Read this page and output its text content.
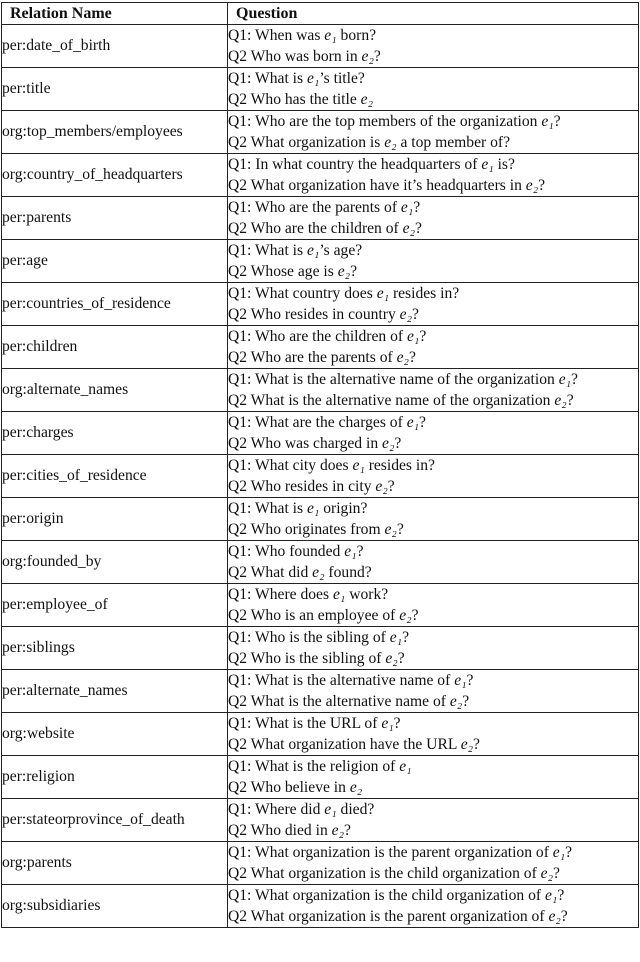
Relation Name	Question
per:date_of_birth	Q1: When was e₁ born?
Q2 Who was born in e₂?

per:title	Q1: What is e₁’s title?
Q2 Who has the title e₂

org:top_members/employees	Q1: Who are the top members of the organization e₁?
Q2 What organization is e₂ a top member of?

org:country_of_headquarters	Q1: In what country the headquarters of e₁ is?
Q2 What organization have it’s headquarters in e₂?

per:parents	Q1: Who are the parents of e₁?
Q2 Who are the children of e₂?

per:age	Q1: What is e₁’s age?
Q2 Whose age is e₂?

per:countries_of_residence	Q1: What country does e₁ resides in?
Q2 Who resides in country e₂?

per:children	Q1: Who are the children of e₁?
Q2 Who are the parents of e₂?

org:alternate_names	Q1: What is the alternative name of the organization e₁?
Q2 What is the alternative name of the organization e₂?

per:charges	Q1: What are the charges of e₁?
Q2 Who was charged in e₂?

per:cities_of_residence	Q1: What city does e₁ resides in?
Q2 Who resides in city e₂?

per:origin	Q1: What is e₁ origin?
Q2 Who originates from e₂?

org:founded_by	Q1: Who founded e₁?
Q2 What did e₂ found?

per:employee_of	Q1: Where does e₁ work?
Q2 Who is an employee of e₂?

per:siblings	Q1: Who is the sibling of e₁?
Q2 Who is the sibling of e₂?

per:alternate_names	Q1: What is the alternative name of e₁?
Q2 What is the alternative name of e₂?

org:website	Q1: What is the URL of e₁?
Q2 What organization have the URL e₂?

per:religion	Q1: What is the religion of e₁
Q2 Who believe in e₂

per:stateorprovince_of_death	Q1: Where did e₁ died?
Q2 Who died in e₂?

org:parents	Q1: What organization is the parent organization of e₁?
Q2 What organization is the child organization of e₂?

org:subsidiaries	Q1: What organization is the child organization of e₁?
Q2 What organization is the parent organization of e₂?
